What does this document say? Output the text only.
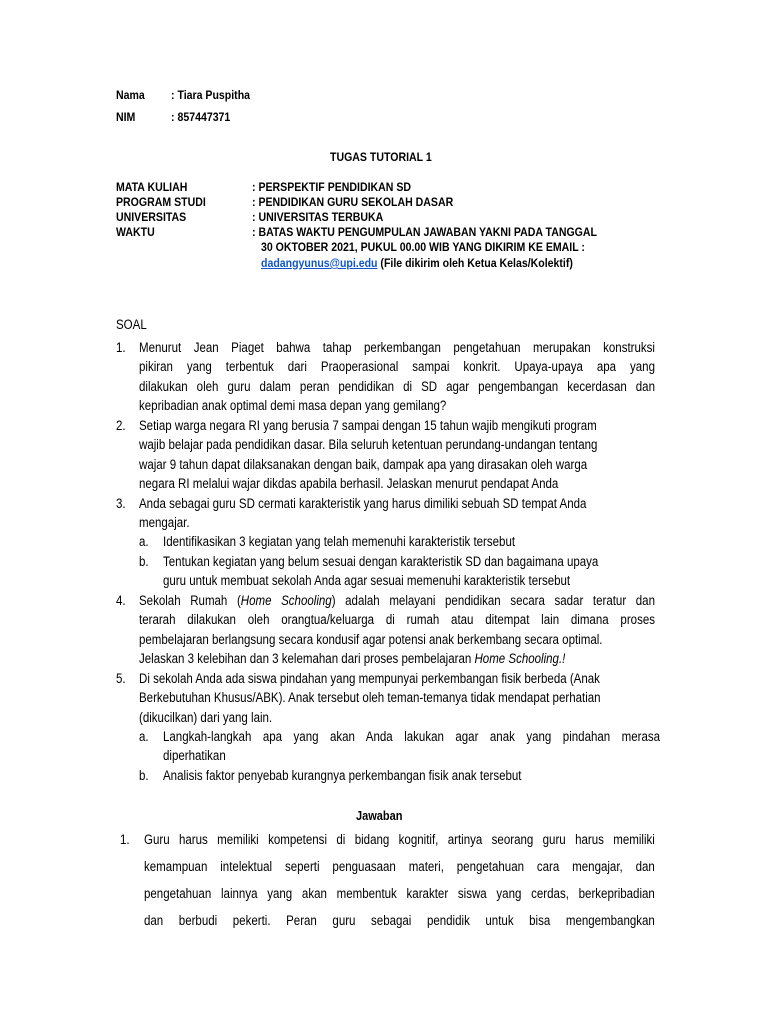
Nama : Tiara Puspitha
NIM	: 857447371
TUGAS TUTORIAL 1
MATA KULIAH	: PERSPEKTIF PENDIDIKAN SD
PROGRAM STUDI	: PENDIDIKAN GURU SEKOLAH DASAR
UNIVERSITAS	: UNIVERSITAS TERBUKA
WAKTU	: BATAS WAKTU PENGUMPULAN JAWABAN YAKNI PADA TANGGAL
30 OKTOBER 2021, PUKUL 00.00 WIB YANG DIKIRIM KE EMAIL :
dadangyunus@upi.edu (File dikirim oleh Ketua Kelas/Kolektif)
SOAL
1. Menurut Jean Piaget bahwa tahap perkembangan pengetahuan merupakan konstruksi
pikiran yang terbentuk dari Praoperasional sampai konkrit. Upaya-upaya apa yang
dilakukan oleh guru dalam peran pendidikan di SD agar pengembangan kecerdasan dan
kepribadian anak optimal demi masa depan yang gemilang?
2. Setiap warga negara RI yang berusia 7 sampai dengan 15 tahun wajib mengikuti program
wajib belajar pada pendidikan dasar. Bila seluruh ketentuan perundang-undangan tentang
wajar 9 tahun dapat dilaksanakan dengan baik, dampak apa yang dirasakan oleh warga
negara RI melalui wajar dikdas apabila berhasil. Jelaskan menurut pendapat Anda
3. Anda sebagai guru SD cermati karakteristik yang harus dimiliki sebuah SD tempat Anda
mengajar.
a. Identifikasikan 3 kegiatan yang telah memenuhi karakteristik tersebut
b. Tentukan kegiatan yang belum sesuai dengan karakteristik SD dan bagaimana upaya
guru untuk membuat sekolah Anda agar sesuai memenuhi karakteristik tersebut
4. Sekolah Rumah (Home Schooling) adalah melayani pendidikan secara sadar teratur dan
terarah dilakukan oleh orangtua/keluarga di rumah atau ditempat lain dimana proses
pembelajaran berlangsung secara kondusif agar potensi anak berkembang secara optimal.
Jelaskan 3 kelebihan dan 3 kelemahan dari proses pembelajaran Home Schooling.!
5. Di sekolah Anda ada siswa pindahan yang mempunyai perkembangan fisik berbeda (Anak
Berkebutuhan Khusus/ABK). Anak tersebut oleh teman-temanya tidak mendapat perhatian
(dikucilkan) dari yang lain.
a. Langkah-langkah apa yang akan Anda lakukan agar anak yang pindahan merasa
diperhatikan
b. Analisis faktor penyebab kurangnya perkembangan fisik anak tersebut
Jawaban
1. Guru harus memiliki kompetensi di bidang kognitif, artinya seorang guru harus memiliki
kemampuan intelektual seperti penguasaan materi, pengetahuan cara mengajar, dan
pengetahuan lainnya yang akan membentuk karakter siswa yang cerdas, berkepribadian
dan berbudi pekerti. Peran guru sebagai pendidik untuk bisa mengembangkan
